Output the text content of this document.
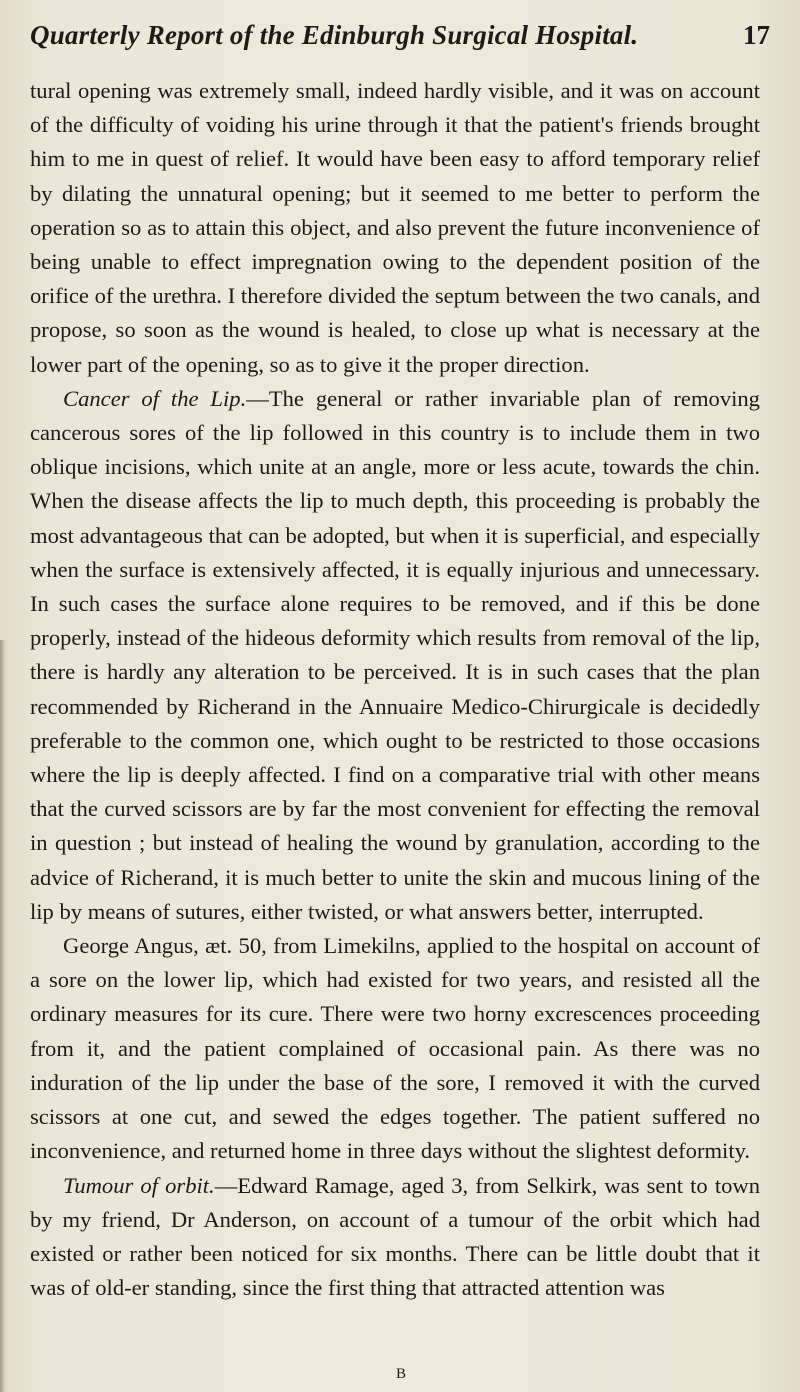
Quarterly Report of the Edinburgh Surgical Hospital.	17

tural opening was extremely small, indeed hardly visible, and it was on account of the difficulty of voiding his urine through it that the patient's friends brought him to me in quest of relief. It would have been easy to afford temporary relief by dilating the unnatural opening; but it seemed to me better to perform the operation so as to attain this object, and also prevent the future inconvenience of being unable to effect impregnation owing to the dependent position of the orifice of the urethra. I therefore divided the septum between the two canals, and propose, so soon as the wound is healed, to close up what is necessary at the lower part of the opening, so as to give it the proper direction.

Cancer of the Lip.—The general or rather invariable plan of removing cancerous sores of the lip followed in this country is to include them in two oblique incisions, which unite at an angle, more or less acute, towards the chin. When the disease affects the lip to much depth, this proceeding is probably the most advantageous that can be adopted, but when it is superficial, and especially when the surface is extensively affected, it is equally injurious and unnecessary. In such cases the surface alone requires to be removed, and if this be done properly, instead of the hideous deformity which results from removal of the lip, there is hardly any alteration to be perceived. It is in such cases that the plan recommended by Richerand in the Annuaire Medico-Chirurgicale is decidedly preferable to the common one, which ought to be restricted to those occasions where the lip is deeply affected. I find on a comparative trial with other means that the curved scissors are by far the most convenient for effecting the removal in question ; but instead of healing the wound by granulation, according to the advice of Richerand, it is much better to unite the skin and mucous lining of the lip by means of sutures, either twisted, or what answers better, interrupted.

George Angus, æt. 50, from Limekilns, applied to the hospital on account of a sore on the lower lip, which had existed for two years, and resisted all the ordinary measures for its cure. There were two horny excrescences proceeding from it, and the patient complained of occasional pain. As there was no induration of the lip under the base of the sore, I removed it with the curved scissors at one cut, and sewed the edges together. The patient suffered no inconvenience, and returned home in three days without the slightest deformity.

Tumour of orbit.—Edward Ramage, aged 3, from Selkirk, was sent to town by my friend, Dr Anderson, on account of a tumour of the orbit which had existed or rather been noticed for six months. There can be little doubt that it was of old-er standing, since the first thing that attracted attention was

B
